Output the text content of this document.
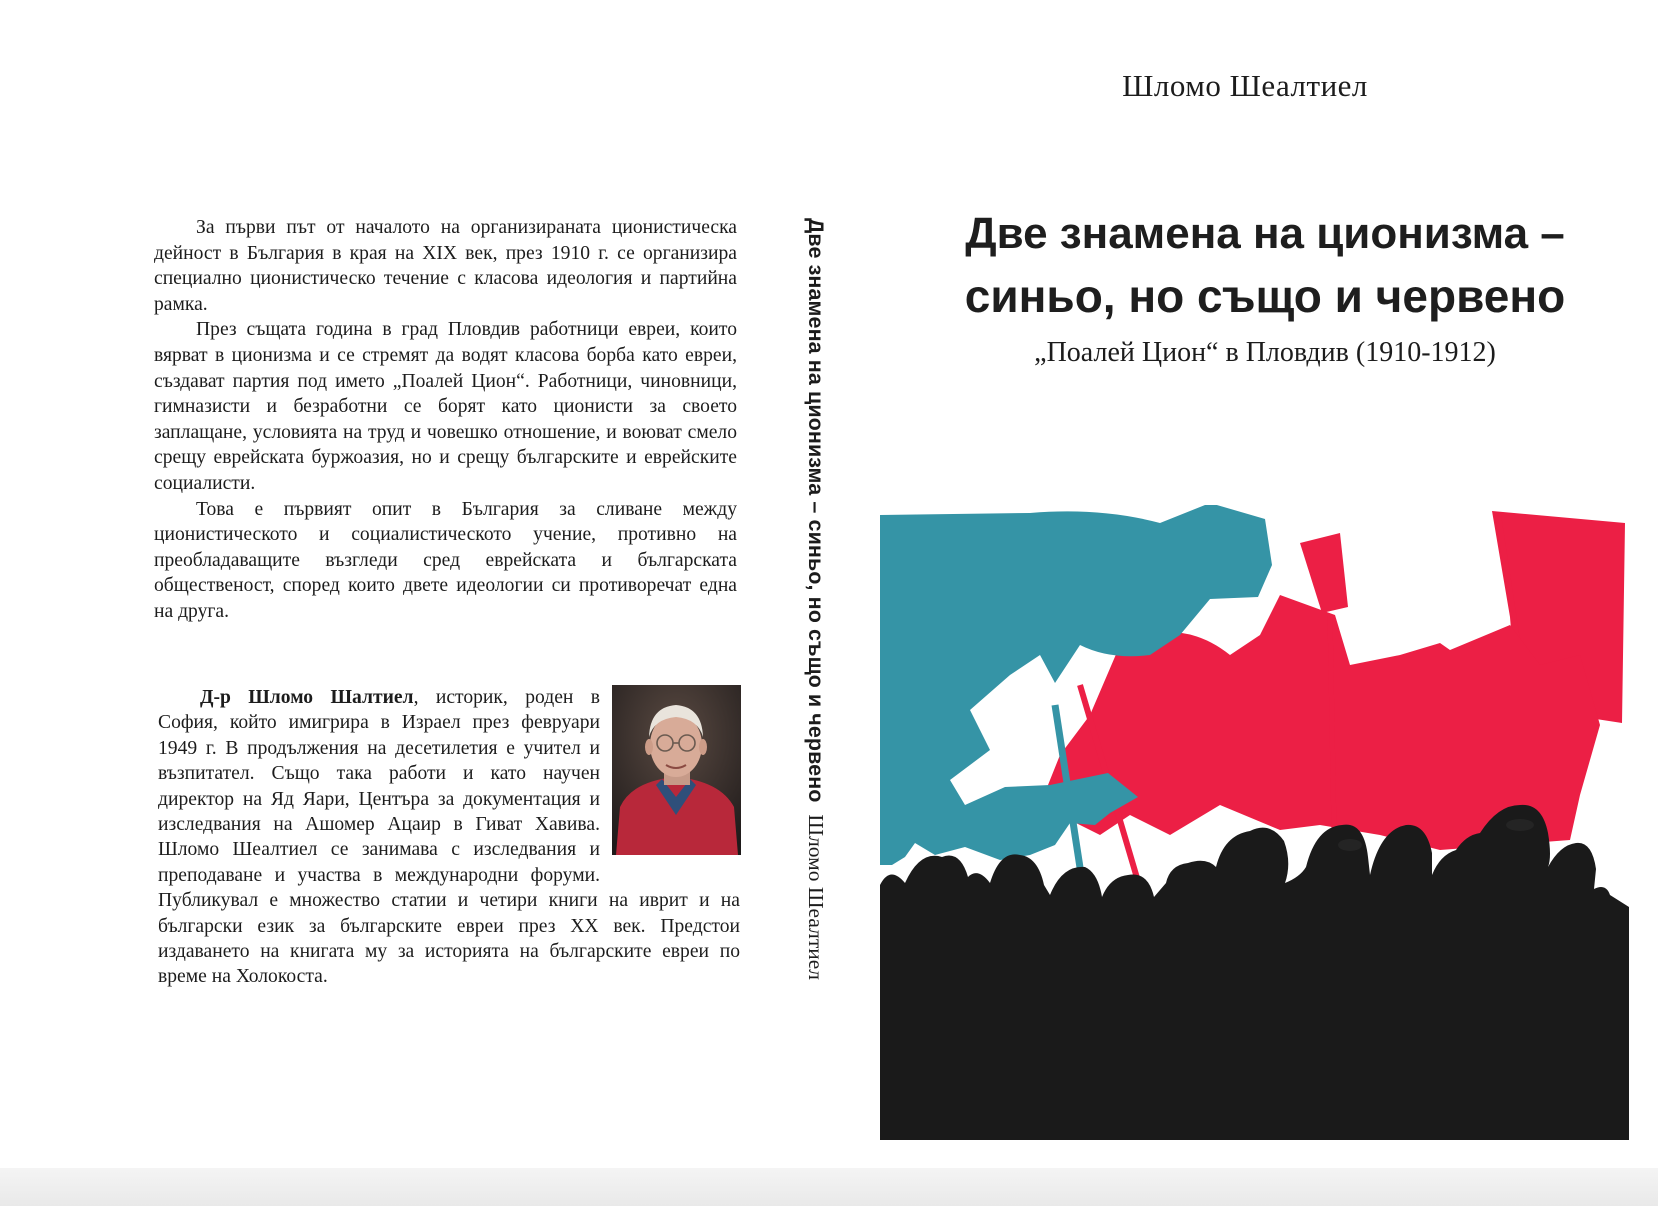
За първи път от началото на организираната ционистическа дейност в България в края на XIX век, през 1910 г. се организира специално ционистическо течение с класова идеология и партийна рамка.

През същата година в град Пловдив работници евреи, които вярват в ционизма и се стремят да водят класова борба като евреи, създават партия под името „Поалей Цион“. Работници, чиновници, гимназисти и безработни се борят като ционисти за своето заплащане, условията на труд и човешко отношение, и воюват смело срещу еврейската буржоазия, но и срещу българските и еврейските социалисти.

Това е първият опит в България за сливане между ционистическото и социалистическото учение, противно на преобладаващите възгледи сред еврейската и българската общественост, според които двете идеологии си противоречат една на друга.

Д-р Шломо Шалтиел, историк, роден в София, който имигрира в Израел през февруари 1949 г. В продължения на десетилетия е учител и възпитател. Също така работи и като научен директор на Яд Яари, Центъра за документация и изследвания на Ашомер Ацаир в Гиват Хавива. Шломо Шеалтиел се занимава с изследвания и преподаване и участва в международни форуми. Публикувал е множество статии и четири книги на иврит и на български език за българските евреи през XX век. Предстои издаването на книгата му за историята на българските евреи по време на Холокоста.

Две знамена на ционизма – синьо, но също и червено
Шломо Шеалтиел
Шломо Шеалтиел
Две знамена на ционизма –
синьо, но също и червено
„Поалей Цион“ в Пловдив (1910-1912)
